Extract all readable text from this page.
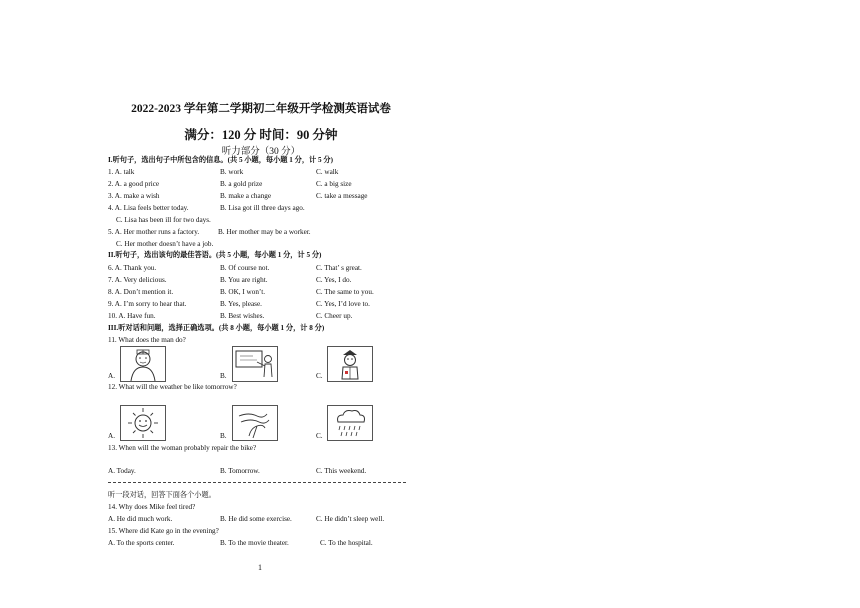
2022-2023 学年第二学期初二年级开学检测英语试卷
满分：120 分 时间：90 分钟
听力部分（30 分）
I.听句子，选出句子中所包含的信息。(共 5 小题，每小题 1 分，计 5 分)
1. A. talk	B. work	C. walk
2. A. a good price	B. a gold prize	C. a big size
3. A. make a wish	B. make a change	C. take a message
4. A. Lisa feels better today.	B. Lisa got ill three days ago.
C. Lisa has been ill for two days.
5. A. Her mother runs a factory.	B. Her mother may be a worker.
C. Her mother doesn’t have a job.
II.听句子，选出该句的最佳答语。(共 5 小题，每小题 1 分，计 5 分)
6. A. Thank you.	B. Of course not.	C. That’ s great.
7. A. Very delicious.	B. You are right.	C. Yes, I do.
8. A. Don’t mention it.	B. OK, I won’t.	C. The same to you.
9. A. I’m sorry to hear that.	B. Yes, please.	C. Yes, I’d love to.
10. A. Have fun.	B. Best wishes.	C. Cheer up.
III.听对话和问题，选择正确选项。(共 8 小题，每小题 1 分，计 8 分)
11. What does the man do?
A.	B.	C.
12. What will the weather be like tomorrow?
A.	B.	C.
13. When will the woman probably repair the bike?
A. Today.	B. Tomorrow.	C. This weekend.
听一段对话，回答下面各个小题。
14. Why does Mike feel tired?
A. He did much work.	B. He did some exercise.	C. He didn’t sleep well.
15. Where did Kate go in the evening?
A. To the sports center.	B. To the movie theater.	C. To the hospital.
1
